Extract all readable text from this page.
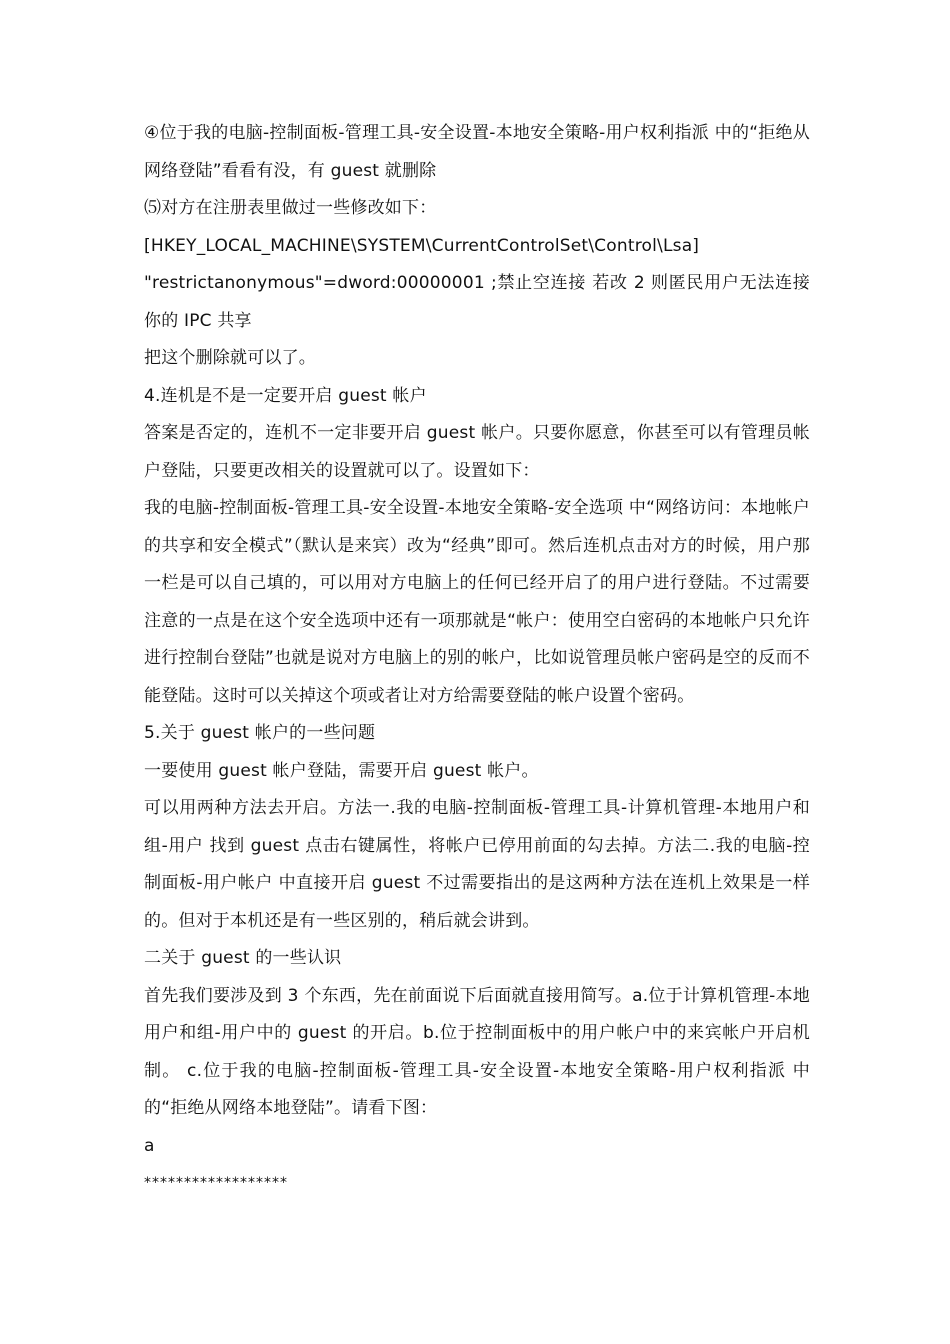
④位于我的电脑-控制面板-管理工具-安全设置-本地安全策略-用户权利指派 中的“拒绝从网络登陆”看看有没，有 guest 就删除

⑸对方在注册表里做过一些修改如下：

[HKEY_LOCAL_MACHINE\SYSTEM\CurrentControlSet\Control\Lsa]

"restrictanonymous"=dword:00000001 ;禁止空连接 若改 2 则匿民用户无法连接你的 IPC 共享

把这个删除就可以了。

4.连机是不是一定要开启 guest 帐户

答案是否定的，连机不一定非要开启 guest 帐户。只要你愿意，你甚至可以有管理员帐户登陆，只要更改相关的设置就可以了。设置如下：

我的电脑-控制面板-管理工具-安全设置-本地安全策略-安全选项 中“网络访问：本地帐户的共享和安全模式”（默认是来宾）改为“经典”即可。然后连机点击对方的时候，用户那一栏是可以自己填的，可以用对方电脑上的任何已经开启了的用户进行登陆。不过需要注意的一点是在这个安全选项中还有一项那就是“帐户：使用空白密码的本地帐户只允许进行控制台登陆”也就是说对方电脑上的别的帐户，比如说管理员帐户密码是空的反而不能登陆。这时可以关掉这个项或者让对方给需要登陆的帐户设置个密码。

5.关于 guest 帐户的一些问题

一要使用 guest 帐户登陆，需要开启 guest 帐户。

可以用两种方法去开启。方法一.我的电脑-控制面板-管理工具-计算机管理-本地用户和组-用户 找到 guest 点击右键属性，将帐户已停用前面的勾去掉。方法二.我的电脑-控制面板-用户帐户 中直接开启 guest 不过需要指出的是这两种方法在连机上效果是一样的。但对于本机还是有一些区别的，稍后就会讲到。

二关于 guest 的一些认识

首先我们要涉及到 3 个东西，先在前面说下后面就直接用简写。a.位于计算机管理-本地用户和组-用户中的 guest 的开启。b.位于控制面板中的用户帐户中的来宾帐户开启机制。 c.位于我的电脑-控制面板-管理工具-安全设置-本地安全策略-用户权利指派 中的“拒绝从网络本地登陆”。请看下图：

a

******************
